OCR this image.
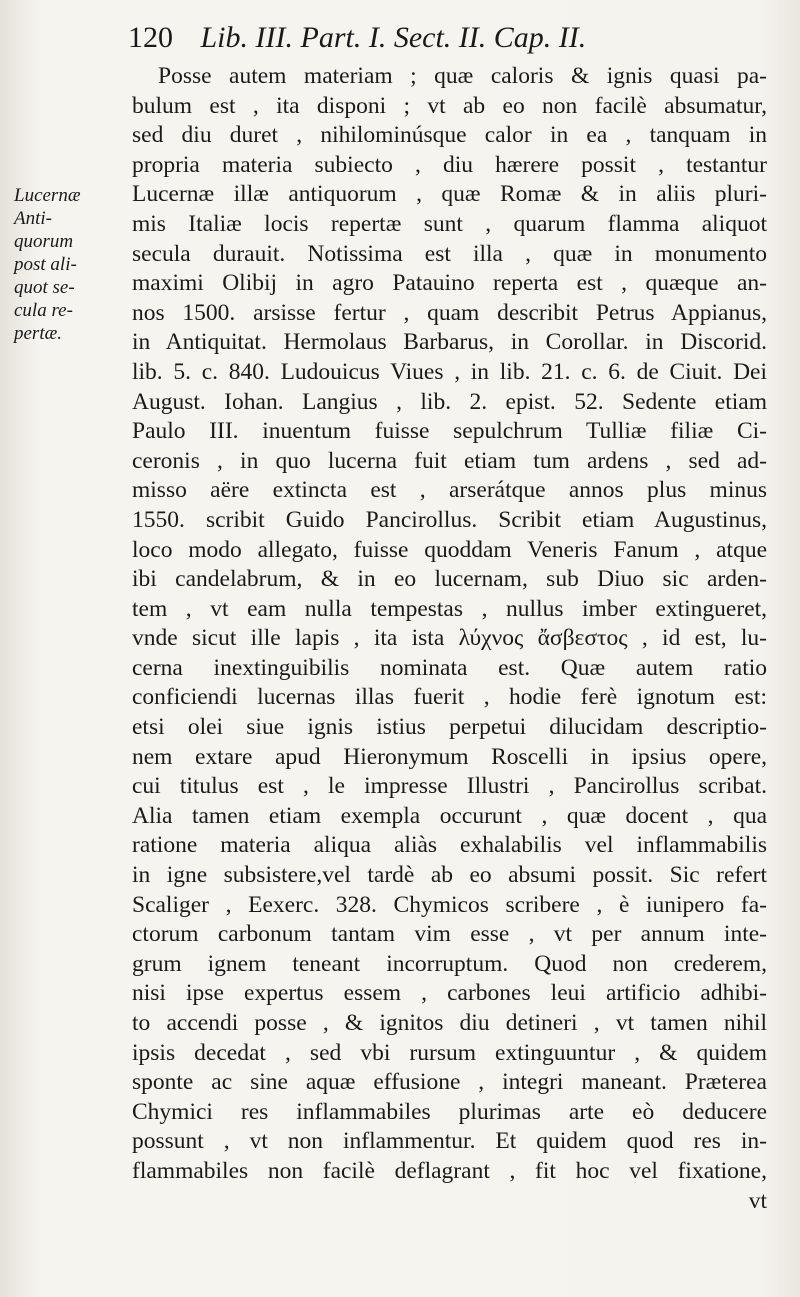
120 Lib. III. Part. I. Sect. II. Cap. II.
Lucernæ
Anti-
quorum
post ali-
quot se-
cula re-
pertæ.
Posse autem materiam ; quæ caloris & ignis quasi pa-
bulum est , ita disponi ; vt ab eo non facilè absumatur,
sed diu duret , nihilominúsque calor in ea , tanquam in
propria materia subiecto , diu hærere possit , testantur
Lucernæ illæ antiquorum , quæ Romæ & in aliis pluri-
mis Italiæ locis repertæ sunt , quarum flamma aliquot
secula durauit. Notissima est illa , quæ in monumento
maximi Olibij in agro Patauino reperta est , quæque an-
nos 1500. arsisse fertur , quam describit Petrus Appianus,
in Antiquitat. Hermolaus Barbarus, in Corollar. in Discorid.
lib. 5. c. 840. Ludouicus Viues , in lib. 21. c. 6. de Ciuit. Dei
August. Iohan. Langius , lib. 2. epist. 52. Sedente etiam
Paulo III. inuentum fuisse sepulchrum Tulliæ filiæ Ci-
ceronis , in quo lucerna fuit etiam tum ardens , sed ad-
misso aëre extincta est , arserátque annos plus minus
1550. scribit Guido Pancirollus. Scribit etiam Augustinus,
loco modo allegato, fuisse quoddam Veneris Fanum , atque
ibi candelabrum, & in eo lucernam, sub Diuo sic arden-
tem , vt eam nulla tempestas , nullus imber extingueret,
vnde sicut ille lapis , ita ista λύχνος ἄσβεστος , id est, lu-
cerna inextinguibilis nominata est. Quæ autem ratio
conficiendi lucernas illas fuerit , hodie ferè ignotum est:
etsi olei siue ignis istius perpetui dilucidam descriptio-
nem extare apud Hieronymum Roscelli in ipsius opere,
cui titulus est , le impresse Illustri , Pancirollus scribat.
Alia tamen etiam exempla occurunt , quæ docent , qua
ratione materia aliqua aliàs exhalabilis vel inflammabilis
in igne subsistere,vel tardè ab eo absumi possit. Sic refert
Scaliger , Eexerc. 328. Chymicos scribere , è iunipero fa-
ctorum carbonum tantam vim esse , vt per annum inte-
grum ignem teneant incorruptum. Quod non crederem,
nisi ipse expertus essem , carbones leui artificio adhibi-
to accendi posse , & ignitos diu detineri , vt tamen nihil
ipsis decedat , sed vbi rursum extinguuntur , & quidem
sponte ac sine aquæ effusione , integri maneant. Præterea
Chymici res inflammabiles plurimas arte eò deducere
possunt , vt non inflammentur. Et quidem quod res in-
flammabiles non facilè deflagrant , fit hoc vel fixatione,
vt
